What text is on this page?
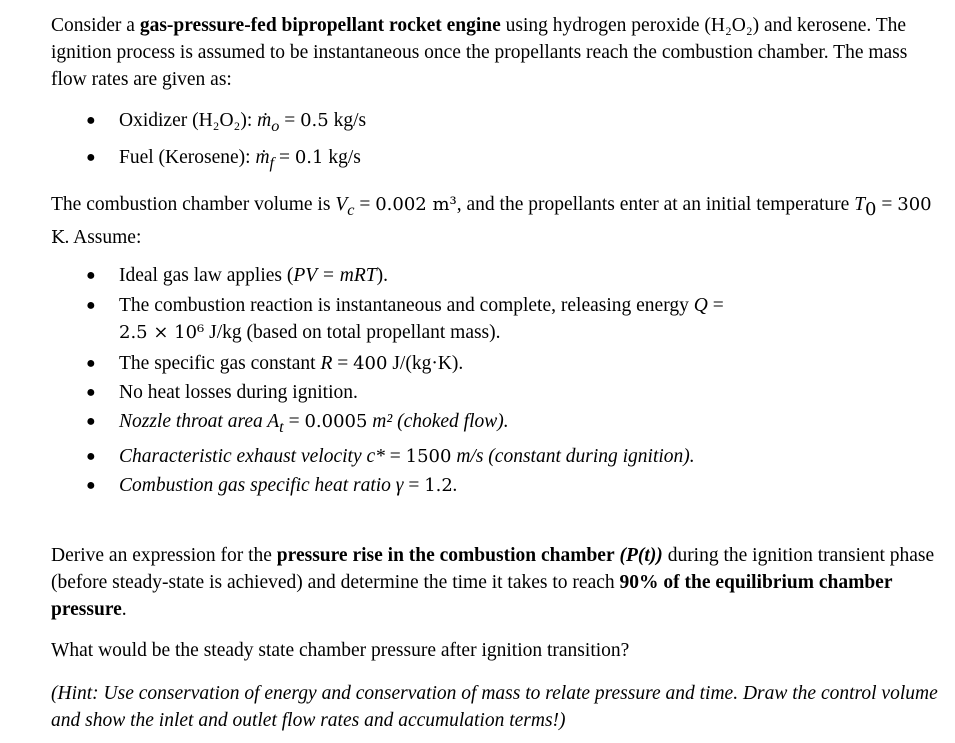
Consider a gas-pressure-fed bipropellant rocket engine using hydrogen peroxide (H₂O₂) and kerosene. The ignition process is assumed to be instantaneous once the propellants reach the combustion chamber. The mass flow rates are given as:

● Oxidizer (H₂O₂): ṁ$_o$ = 0.5 kg/s
● Fuel (Kerosene): ṁ$_f$ = 0.1 kg/s

The combustion chamber volume is $V_c = 0.002$ m³, and the propellants enter at an initial temperature $T_0 = 300$ K. Assume:

● Ideal gas law applies (PV = mRT).
● The combustion reaction is instantaneous and complete, releasing energy Q =
2.5 × 10⁶ J/kg (based on total propellant mass).
● The specific gas constant R = 400 J/(kg·K).
● No heat losses during ignition.
● Nozzle throat area $A_t = 0.0005$ m² (choked flow).
● Characteristic exhaust velocity c* = 1500 m/s (constant during ignition).
● Combustion gas specific heat ratio γ = 1.2.

Derive an expression for the pressure rise in the combustion chamber (P(t)) during the ignition transient phase (before steady-state is achieved) and determine the time it takes to reach 90% of the equilibrium chamber pressure.

What would be the steady state chamber pressure after ignition transition?

(Hint: Use conservation of energy and conservation of mass to relate pressure and time. Draw the control volume and show the inlet and outlet flow rates and accumulation terms!)
